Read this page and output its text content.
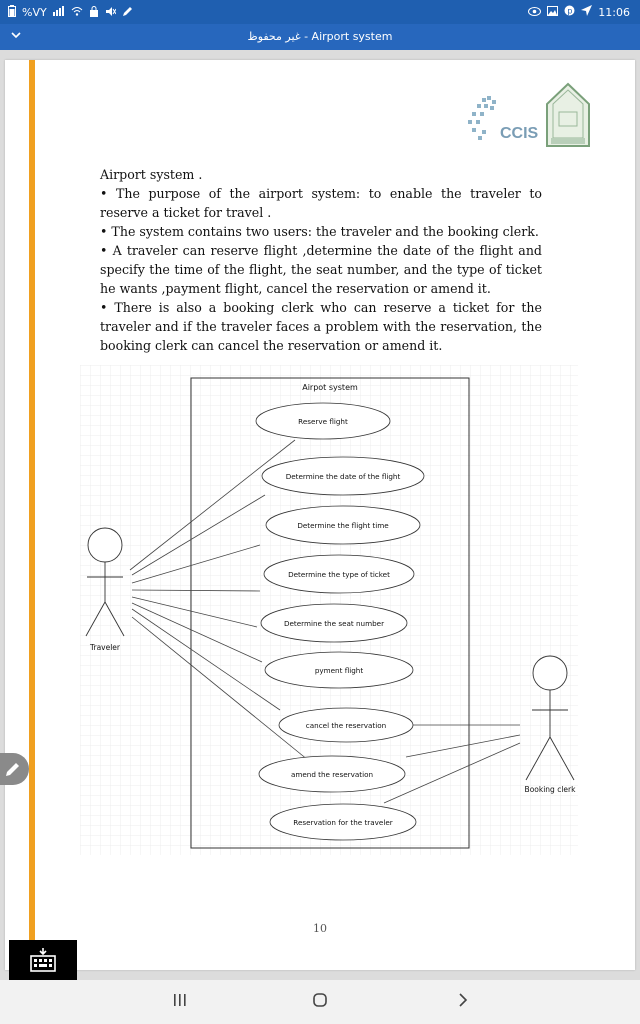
%VY	p 11:06
غير محفوظ - Airport system
CCIS

Airport system .

• The purpose of the airport system: to enable the traveler to reserve a ticket for travel .

• The system contains two users: the traveler and the booking clerk.

• A traveler can reserve flight ,determine the date of the flight and specify the time of the flight, the seat number, and the type of ticket he wants ,payment flight, cancel the reservation or amend it.

• There is also a booking clerk who can reserve a ticket for the traveler and if the traveler faces a problem with the reservation, the booking clerk can cancel the reservation or amend it.

Airpot system
Reserve flight
Determine the date of the flight
Determine the flight time
Determine the type of ticket
Determine the seat number
pyment flight
cancel the reservation
amend the reservation
Reservation for the traveler
Traveler
Booking clerk
10
